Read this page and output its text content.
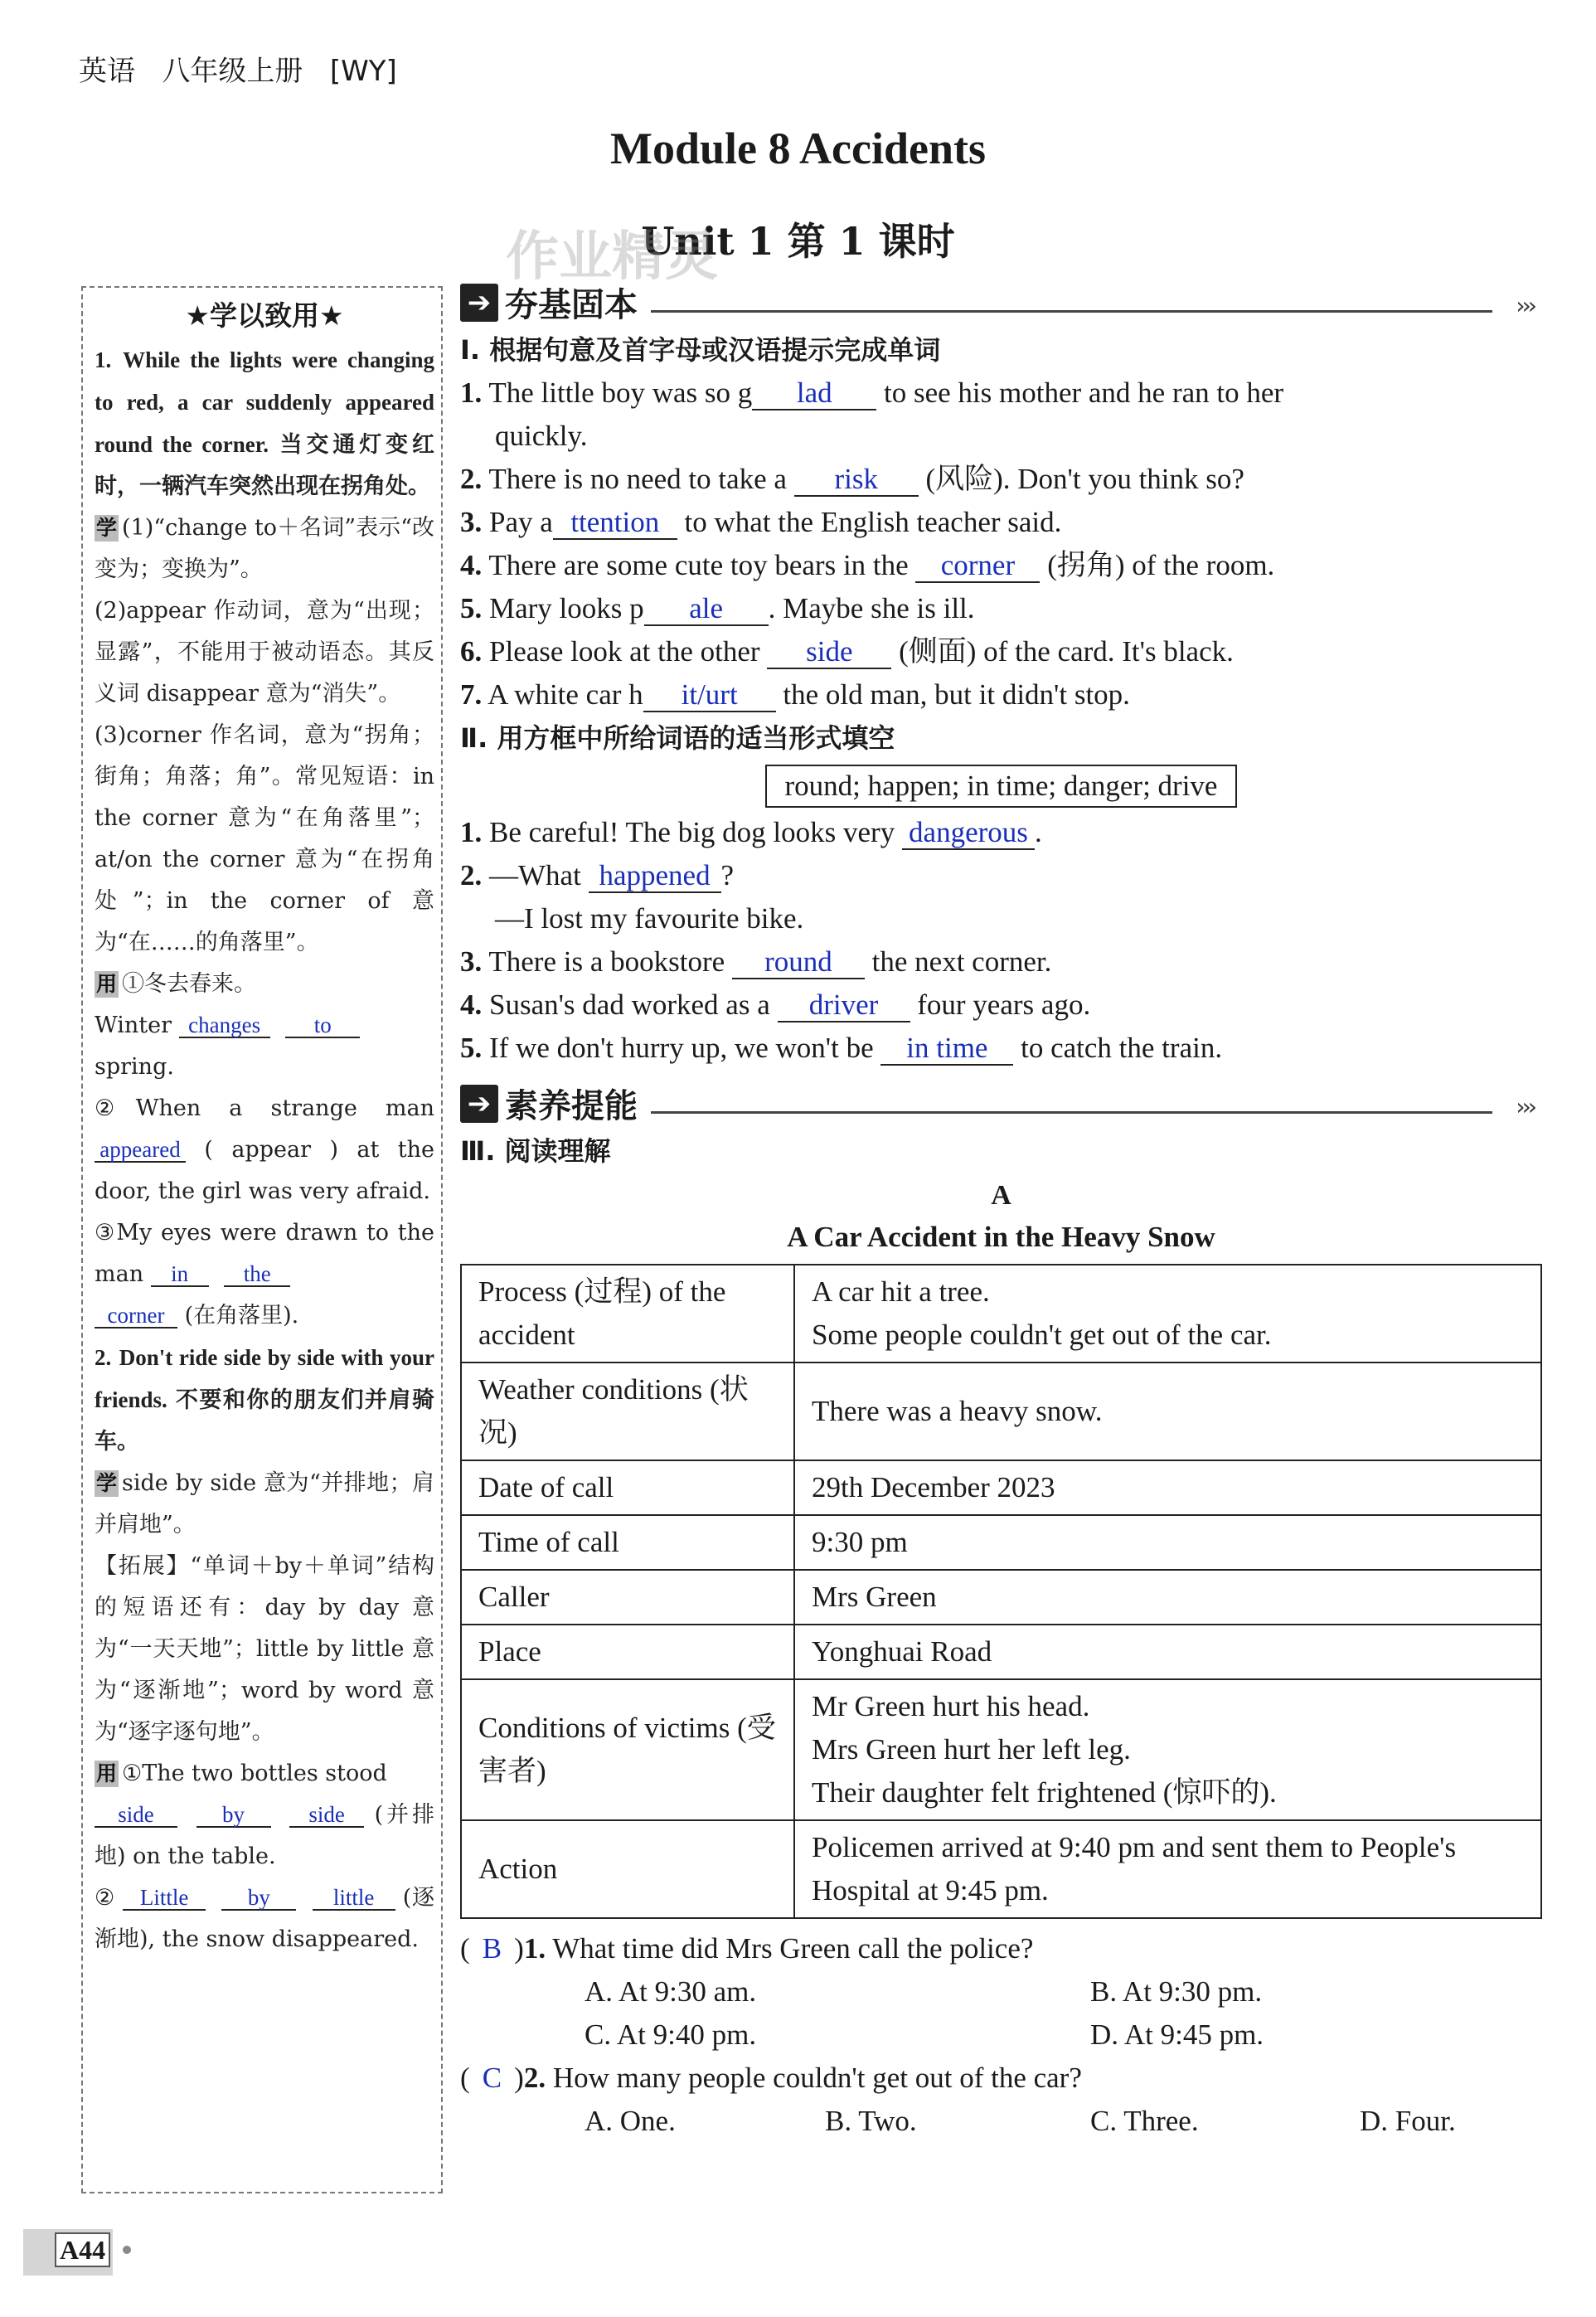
英语 八年级上册 [WY]
Module 8 Accidents
Unit 1 第 1 课时
作业精灵
★学以致用★
1. While the lights were changing to red, a car suddenly appeared round the corner. 当交通灯变红时，一辆汽车突然出现在拐角处。
学 (1)“change to＋名词”表示“改变为；变换为”。
(2)appear 作动词，意为“出现；显露”，不能用于被动语态。其反义词 disappear 意为“消失”。
(3)corner 作名词，意为“拐角；街角；角落；角”。常见短语：in the corner 意为“在角落里”；at/on the corner 意为“在拐角处”；in the corner of 意为“在……的角落里”。
用 ①冬去春来。
Winter changes to
spring.
②When a strange man appeared ( appear ) at the door, the girl was very afraid.
③My eyes were drawn to the man in the
corner (在角落里).
2. Don't ride side by side with your friends. 不要和你的朋友们并肩骑车。
学 side by side 意为“并排地；肩并肩地”。
【拓展】“单词＋by＋单词”结构的短语还有：day by day 意为“一天天地”；little by little 意为“逐渐地”；word by word 意为“逐字逐句地”。
用 ①The two bottles stood
side	by	side (并排地) on the table.
② Little	by	little (逐渐地), the snow disappeared.
➔ 夯基固本	›››
Ⅰ. 根据句意及首字母或汉语提示完成单词
1. The little boy was so g lad to see his mother and he ran to her
quickly.
2. There is no need to take a risk (风险). Don't you think so?
3. Pay a ttention to what the English teacher said.
4. There are some cute toy bears in the corner (拐角) of the room.
5. Mary looks p ale . Maybe she is ill.
6. Please look at the other side (侧面) of the card. It's black.
7. A white car h it/urt the old man, but it didn't stop.
Ⅱ. 用方框中所给词语的适当形式填空
round; happen; in time; danger; drive
1. Be careful! The big dog looks very dangerous .
2. —What happened ?
—I lost my favourite bike.
3. There is a bookstore round the next corner.
4. Susan's dad worked as a driver four years ago.
5. If we don't hurry up, we won't be in time to catch the train.
➔ 素养提能	›››
Ⅲ. 阅读理解
A
A Car Accident in the Heavy Snow
Process (过程) of the accident	A car hit a tree.
Some people couldn't get out of the car.

Weather conditions (状况)	There was a heavy snow.
Date of call	29th December 2023
Time of call	9:30 pm
Caller	Mrs Green
Place	Yonghuai Road
Conditions of victims (受害者)	Mr Green hurt his head.
Mrs Green hurt her left leg.
Their daughter felt frightened (惊吓的).

Action	Policemen arrived at 9:40 pm and sent them to People's Hospital at 9:45 pm.
( B )1. What time did Mrs Green call the police?
A. At 9:30 am.	B. At 9:30 pm.
C. At 9:40 pm.	D. At 9:45 pm.
( C )2. How many people couldn't get out of the car?
A. One.	B. Two.	C. Three.	D. Four.
A44
